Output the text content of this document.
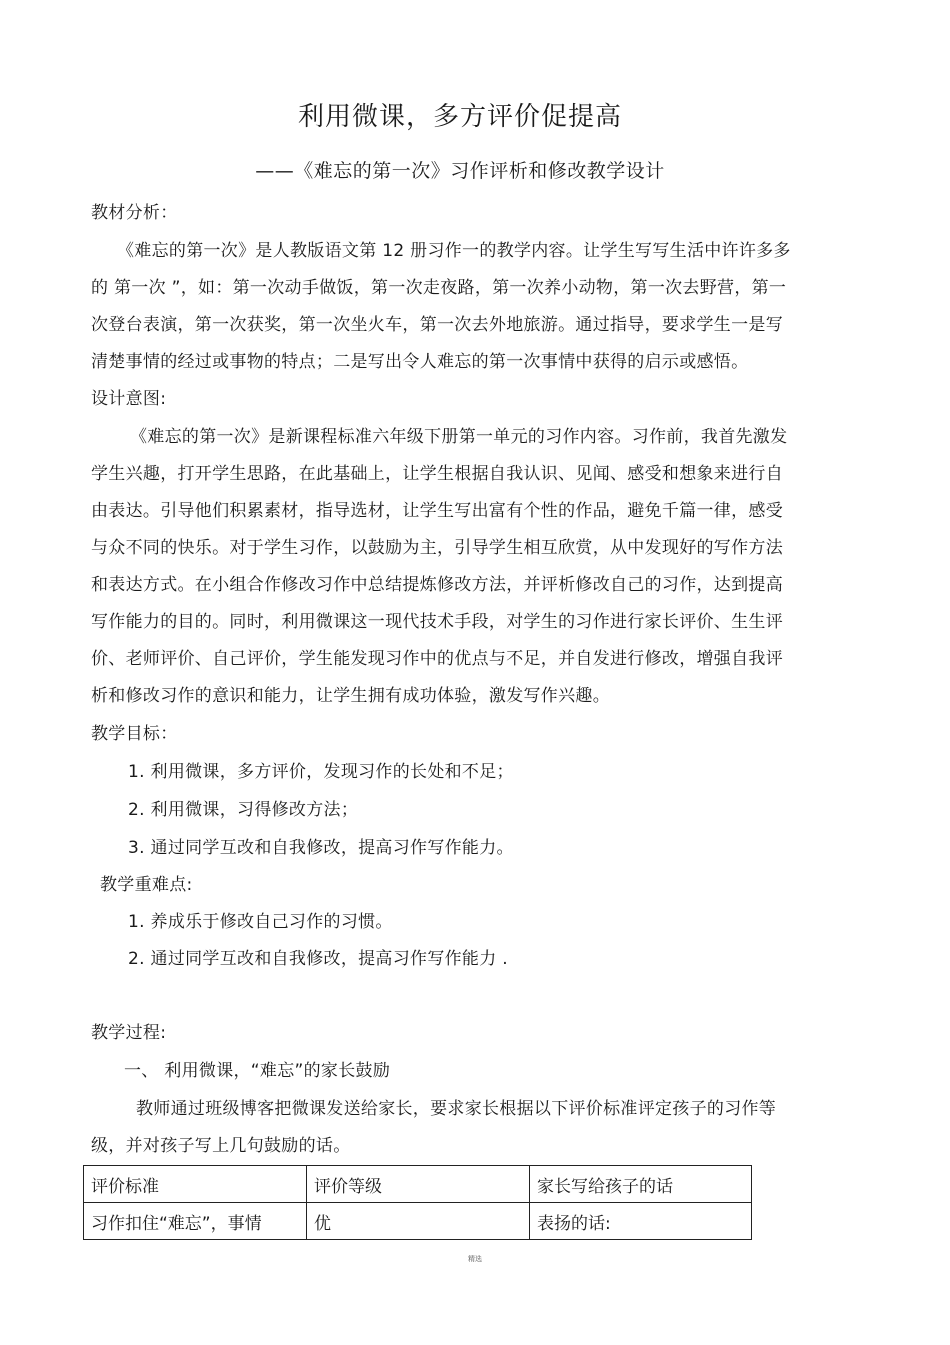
利用微课，多方评价促提高
——《难忘的第一次》习作评析和修改教学设计
教材分析：
《难忘的第一次》是人教版语文第 12 册习作一的教学内容。让学生写写生活中许许多多
的 第一次 ”，如：第一次动手做饭，第一次走夜路，第一次养小动物，第一次去野营，第一
次登台表演，第一次获奖，第一次坐火车，第一次去外地旅游。通过指导，要求学生一是写
清楚事情的经过或事物的特点；二是写出令人难忘的第一次事情中获得的启示或感悟。
设计意图:
《难忘的第一次》是新课程标准六年级下册第一单元的习作内容。习作前，我首先激发
学生兴趣，打开学生思路，在此基础上，让学生根据自我认识、见闻、感受和想象来进行自
由表达。引导他们积累素材，指导选材，让学生写出富有个性的作品，避免千篇一律，感受
与众不同的快乐。对于学生习作，以鼓励为主，引导学生相互欣赏，从中发现好的写作方法
和表达方式。在小组合作修改习作中总结提炼修改方法，并评析修改自己的习作，达到提高
写作能力的目的。同时，利用微课这一现代技术手段，对学生的习作进行家长评价、生生评
价、老师评价、自己评价，学生能发现习作中的优点与不足，并自发进行修改，增强自我评
析和修改习作的意识和能力，让学生拥有成功体验，激发写作兴趣。
教学目标：
1. 利用微课，多方评价，发现习作的长处和不足；
2. 利用微课，习得修改方法；
3. 通过同学互改和自我修改，提高习作写作能力。
教学重难点:
1. 养成乐于修改自己习作的习惯。
2. 通过同学互改和自我修改，提高习作写作能力 .
教学过程:
一、 利用微课，“难忘”的家长鼓励
教师通过班级博客把微课发送给家长，要求家长根据以下评价标准评定孩子的习作等
级，并对孩子写上几句鼓励的话。
评价标准	评价等级	家长写给孩子的话
习作扣住“难忘”，事情	优	表扬的话:
精选
